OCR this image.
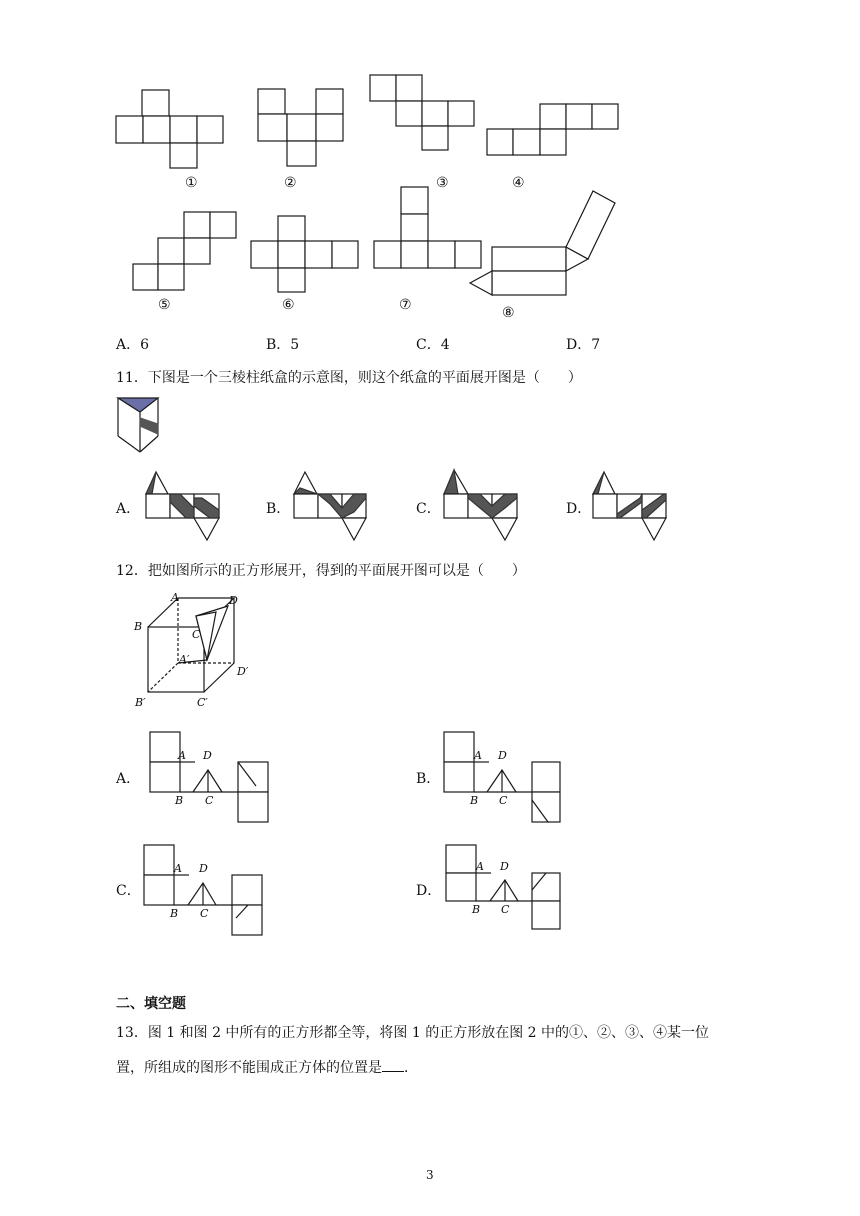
①	②	③	④
⑤	⑥	⑦	⑧
A．6	B．5	C．4	D．7
11．下图是一个三棱柱纸盒的示意图，则这个纸盒的平面展开图是（　　）
A．	B．	C．	D．
12．把如图所示的正方形展开，得到的平面展开图可以是（　　）
A	D
B
C
A′
D′
B′	C′
A．	B．
C．	D．
A D
B C
A D
B C
A D
B C
A D
B C
二、填空题
13．图 1 和图 2 中所有的正方形都全等，将图 1 的正方形放在图 2 中的①、②、③、④某一位
置，所组成的图形不能围成正方体的位置是 ．
3
